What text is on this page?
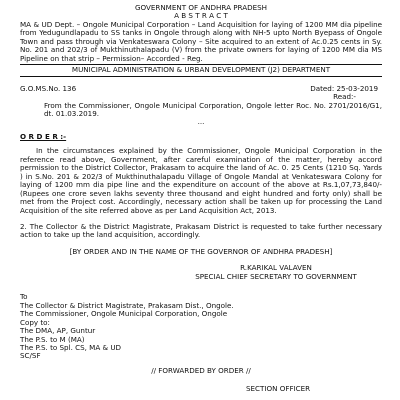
GOVERNMENT OF ANDHRA PRADESH
A B S T R A C T
MA & UD Dept. – Ongole Municipal Corporation – Land Acquisition for laying of 1200 MM dia pipeline from Yedugundlapadu to SS tanks in Ongole through along with NH-5 upto North Byepass of Ongole Town and pass through via Venkateswara Colony – Site acquired to an extent of Ac.0.25 cents in Sy. No. 201 and 202/3 of Mukthinuthalapadu (V) from the private owners for laying of 1200 MM dia MS Pipeline on that strip – Permission– Accorded - Reg.
MUNICIPAL ADMINISTRATION & URBAN DEVELOPMENT (J2) DEPARTMENT
G.O.MS.No. 136	Dated: 25-03-2019
Read:-
From the Commissioner, Ongole Municipal Corporation, Ongole letter Roc. No. 2701/2016/G1, dt. 01.03.2019.
...
O R D E R :-
In the circumstances explained by the Commissioner, Ongole Municipal Corporation in the reference read above, Government, after careful examination of the matter, hereby accord permission to the District Collector, Prakasam to acquire the land of Ac. 0. 25 Cents (1210 Sq. Yards ) in S.No. 201 & 202/3 of Mukthinuthalapadu Village of Ongole Mandal at Venkateswara Colony for laying of 1200 mm dia pipe line and the expenditure on account of the above at Rs.1,07,73,840/- (Rupees one crore seven lakhs seventy three thousand and eight hundred and forty only) shall be met from the Project cost. Accordingly, necessary action shall be taken up for processing the Land Acquisition of the site referred above as per Land Acquisition Act, 2013.
2. The Collector & the District Magistrate, Prakasam District is requested to take further necessary action to take up the land acquisition, accordingly.
[BY ORDER AND IN THE NAME OF THE GOVERNOR OF ANDHRA PRADESH]
R.KARIKAL VALAVEN
SPECIAL CHIEF SECRETARY TO GOVERNMENT
To
The Collector & District Magistrate, Prakasam Dist., Ongole.
The Commissioner, Ongole Municipal Corporation, Ongole
Copy to:
The DMA, AP, Guntur
The P.S. to M (MA)
The P.S. to Spl. CS, MA & UD
SC/SF
// FORWARDED BY ORDER //
SECTION OFFICER
